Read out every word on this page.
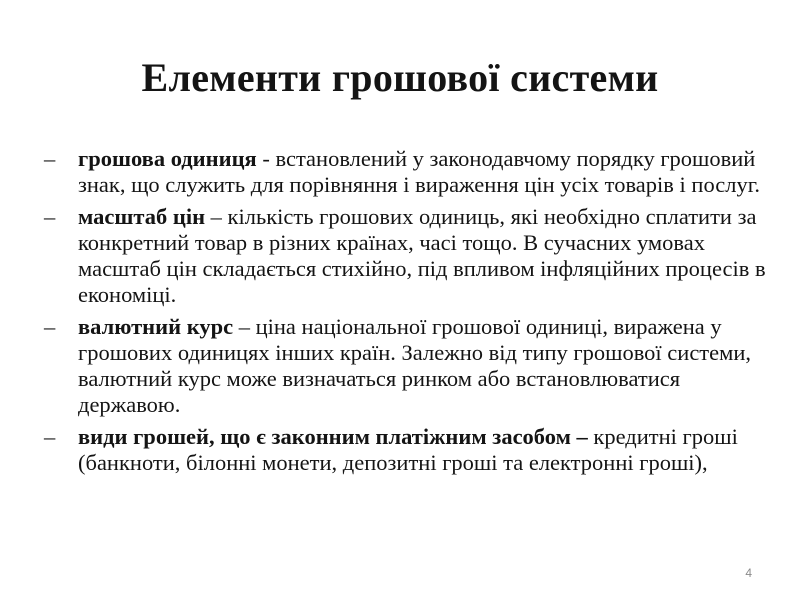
Елементи грошової системи
–	грошова одиниця - встановлений у законодавчому порядку грошовий знак, що служить для порівняння і вираження цін усіх товарів і послуг.
–	масштаб цін – кількість грошових одиниць, які необхідно сплатити за конкретний товар в різних країнах, часі тощо. В сучасних умовах масштаб цін складається стихійно, під впливом інфляційних процесів в економіці.
–	валютний курс – ціна національної грошової одиниці, виражена у грошових одиницях інших країн. Залежно від типу грошової системи, валютний курс може визначаться ринком або встановлюватися державою.
–	види грошей, що є законним платіжним засобом – кредитні гроші (банкноти, білонні монети, депозитні гроші та електронні гроші),
4
